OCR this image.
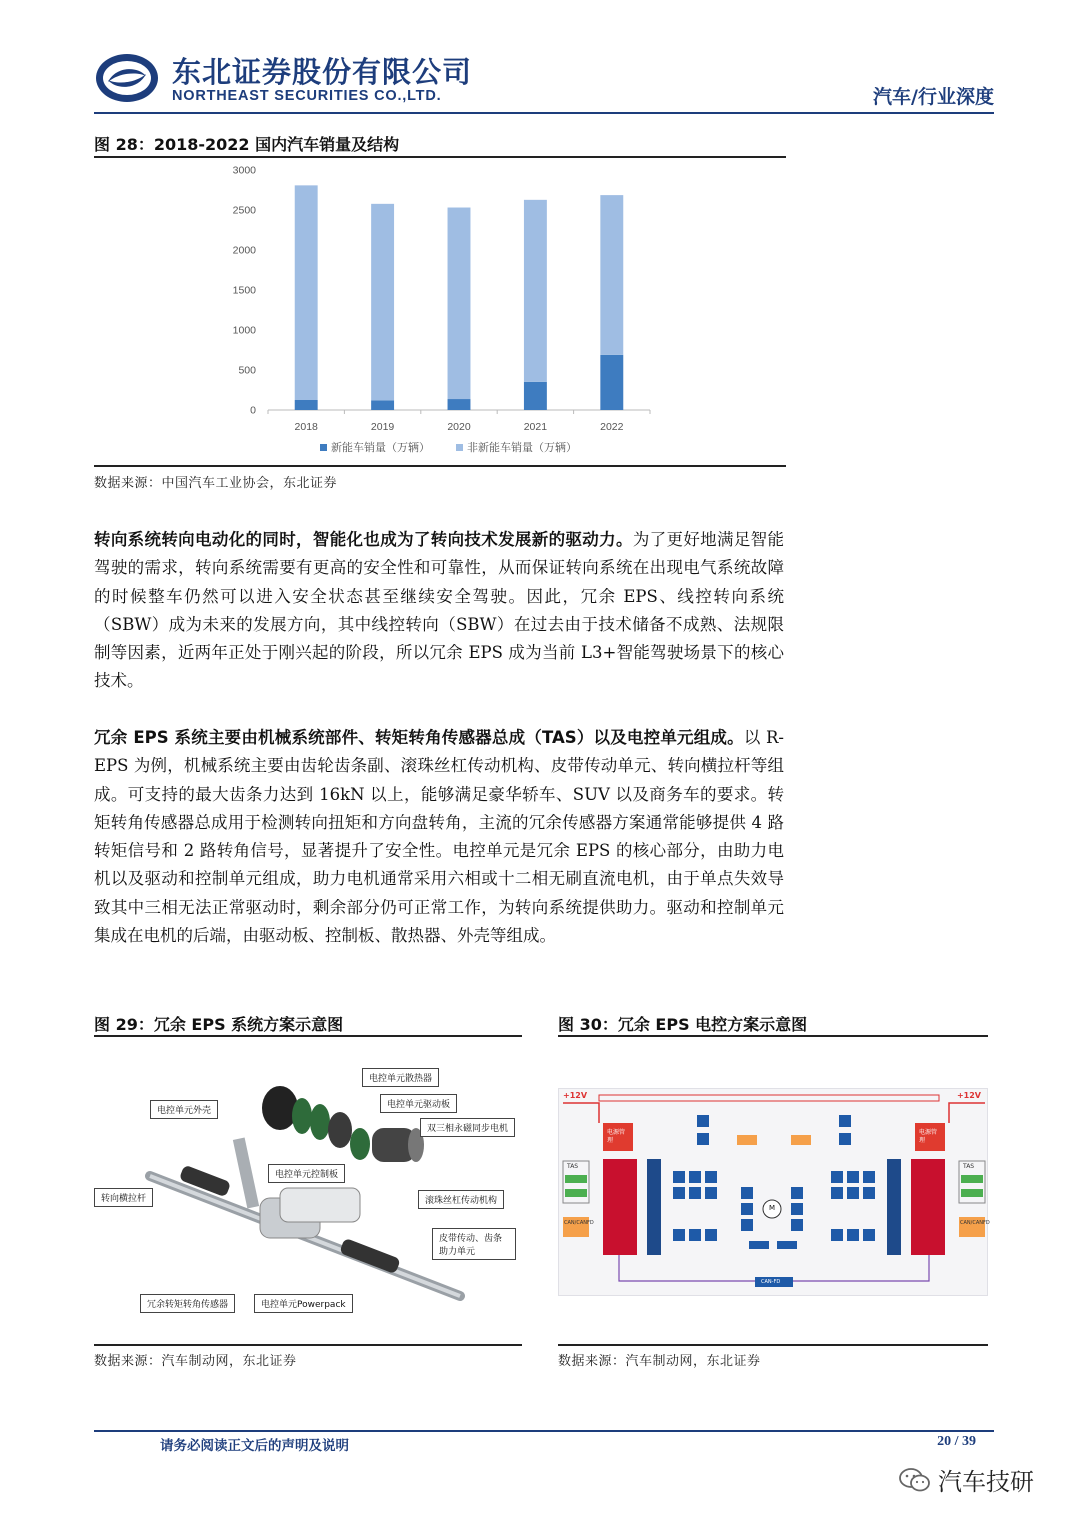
东北证券股份有限公司
NORTHEAST SECURITIES CO.,LTD.	汽车/行业深度
图 28：2018-2022 国内汽车销量及结构
0
500
1000
1500
2000
2500
3000
2018	2019	2020	2021	2022
新能车销量（万辆）	非新能车销量（万辆）
数据来源：中国汽车工业协会，东北证券
转向系统转向电动化的同时，智能化也成为了转向技术发展新的驱动力。为了更好地满足智能驾驶的需求，转向系统需要有更高的安全性和可靠性，从而保证转向系统在出现电气系统故障的时候整车仍然可以进入安全状态甚至继续安全驾驶。因此，冗余 EPS、线控转向系统（SBW）成为未来的发展方向，其中线控转向（SBW）在过去由于技术储备不成熟、法规限制等因素，近两年正处于刚兴起的阶段，所以冗余 EPS 成为当前 L3+智能驾驶场景下的核心技术。
冗余 EPS 系统主要由机械系统部件、转矩转角传感器总成（TAS）以及电控单元组成。以 R-EPS 为例，机械系统主要由齿轮齿条副、滚珠丝杠传动机构、皮带传动单元、转向横拉杆等组成。可支持的最大齿条力达到 16kN 以上，能够满足豪华轿车、SUV 以及商务车的要求。转矩转角传感器总成用于检测转向扭矩和方向盘转角，主流的冗余传感器方案通常能够提供 4 路转矩信号和 2 路转角信号，显著提升了安全性。电控单元是冗余 EPS 的核心部分，由助力电机以及驱动和控制单元组成，助力电机通常采用六相或十二相无刷直流电机，由于单点失效导致其中三相无法正常驱动时，剩余部分仍可正常工作，为转向系统提供助力。驱动和控制单元集成在电机的后端，由驱动板、控制板、散热器、外壳等组成。
图 29：冗余 EPS 系统方案示意图
电控单元散热器
电控单元外壳
电控单元驱动板
双三相永磁同步电机
电控单元控制板
转向横拉杆	滚珠丝杠传动机构
皮带传动、齿条助力单元
冗余转矩转角传感器	电控单元Powerpack
数据来源：汽车制动网，东北证券
图 30：冗余 EPS 电控方案示意图
+12V	+12V
电源管理
电源管理
M
CAN-FD
TAS	TAS
CAN/CANFD	CAN/CANFD
数据来源：汽车制动网，东北证券
请务必阅读正文后的声明及说明	20 / 39
汽车技研
